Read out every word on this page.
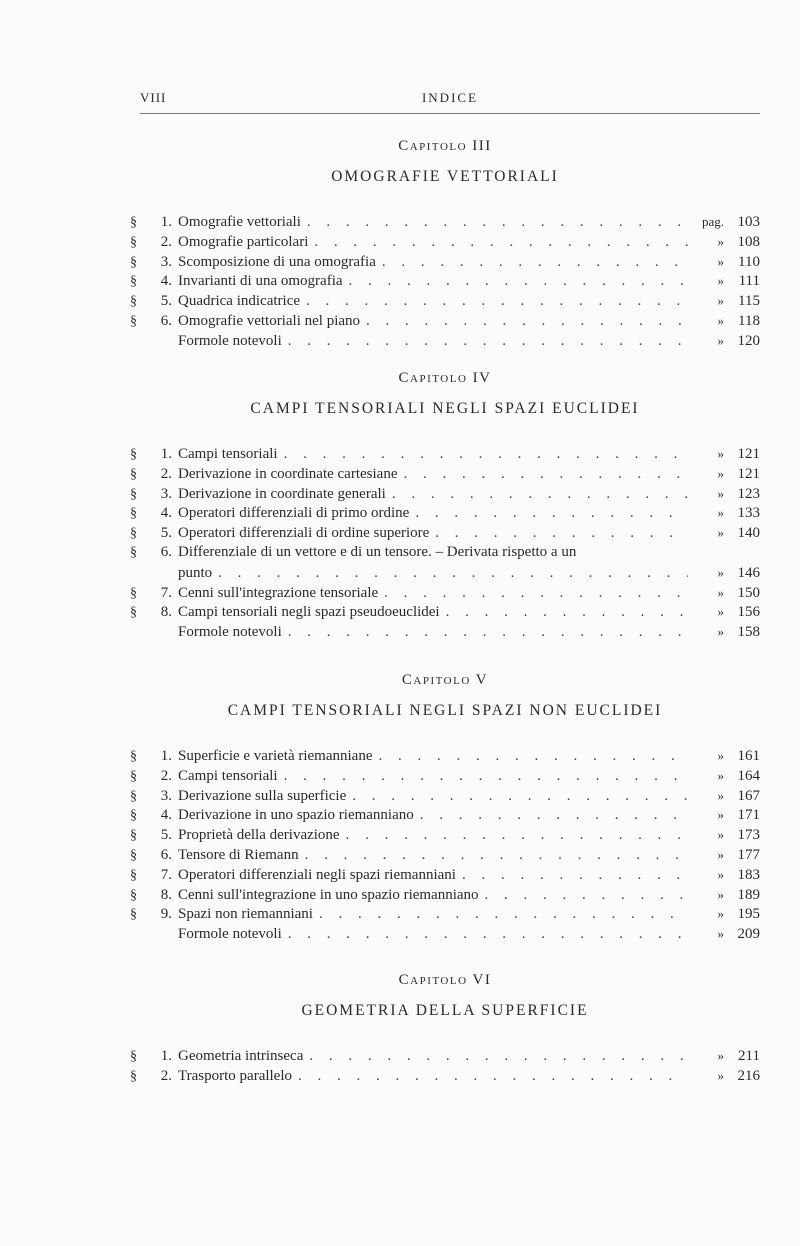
VIII	INDICE

Capitolo III

OMOGRAFIE VETTORIALI

§	1. Omografie vettoriali . . .	pag. 103
§	2. Omografie particolari . . .	» 108
§	3. Scomposizione di una omografia . . .	» 110
§	4. Invarianti di una omografia . . .	» 111
§	5. Quadrica indicatrice . . .	» 115
§	6. Omografie vettoriali nel piano . . .	» 118
Formole notevoli . . .	» 120

Capitolo IV

CAMPI TENSORIALI NEGLI SPAZI EUCLIDEI

§	1. Campi tensoriali . . .	» 121
§	2. Derivazione in coordinate cartesiane . . .	» 121
§	3. Derivazione in coordinate generali . . .	» 123
§	4. Operatori differenziali di primo ordine . . .	» 133
§	5. Operatori differenziali di ordine superiore . . .	» 140
§	6. Differenziale di un vettore e di un tensore. – Derivata rispetto a un
punto . . .	» 146
§	7. Cenni sull'integrazione tensoriale . . .	» 150
§	8. Campi tensoriali negli spazi pseudoeuclidei . . .	» 156
Formole notevoli . . .	» 158

Capitolo V

CAMPI TENSORIALI NEGLI SPAZI NON EUCLIDEI

§	1. Superficie e varietà riemanniane . . .	» 161
§	2. Campi tensoriali . . .	» 164
§	3. Derivazione sulla superficie . . .	» 167
§	4. Derivazione in uno spazio riemanniano . . .	» 171
§	5. Proprietà della derivazione . . .	» 173
§	6. Tensore di Riemann . . .	» 177
§	7. Operatori differenziali negli spazi riemanniani . . .	» 183
§	8. Cenni sull'integrazione in uno spazio riemanniano . . .	» 189
§	9. Spazi non riemanniani . . .	» 195
Formole notevoli . . .	» 209

Capitolo VI

GEOMETRIA DELLA SUPERFICIE

§	1. Geometria intrinseca . . .	» 211
§	2. Trasporto parallelo . . .	» 216
